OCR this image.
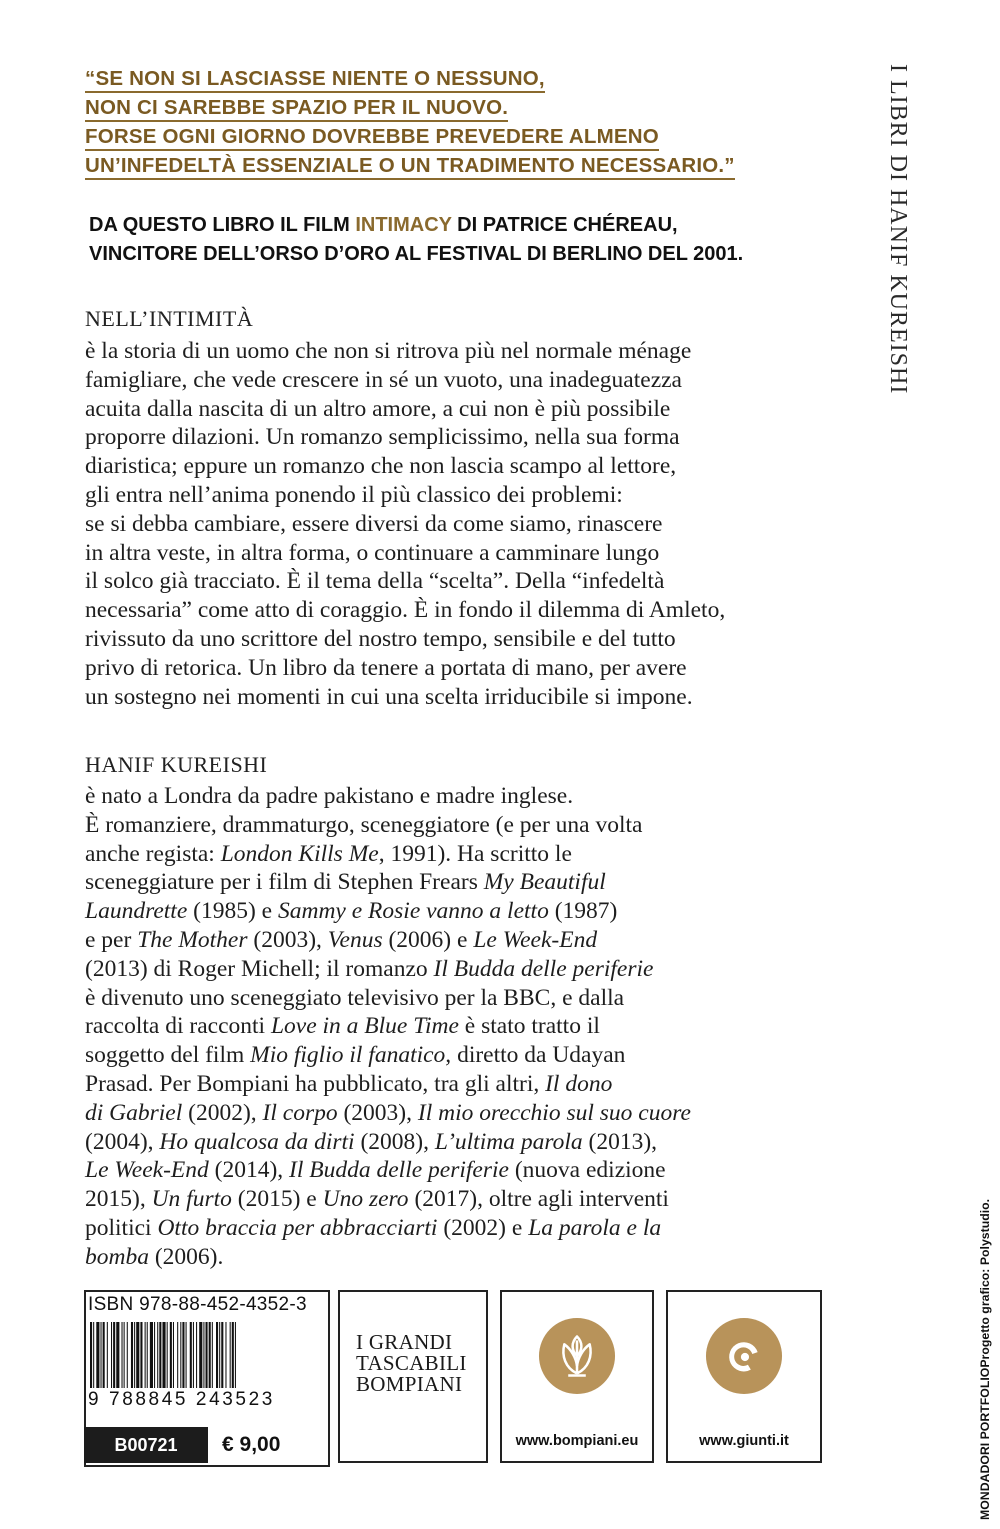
“SE NON SI LASCIASSE NIENTE O NESSUNO,
NON CI SAREBBE SPAZIO PER IL NUOVO.
FORSE OGNI GIORNO DOVREBBE PREVEDERE ALMENO
UN’INFEDELTÀ ESSENZIALE O UN TRADIMENTO NECESSARIO.”
DA QUESTO LIBRO IL FILM INTIMACY DI PATRICE CHÉREAU,
VINCITORE DELL’ORSO D’ORO AL FESTIVAL DI BERLINO DEL 2001.
NELL’INTIMITÀ
è la storia di un uomo che non si ritrova più nel normale ménage
famigliare, che vede crescere in sé un vuoto, una inadeguatezza
acuita dalla nascita di un altro amore, a cui non è più possibile
proporre dilazioni. Un romanzo semplicissimo, nella sua forma
diaristica; eppure un romanzo che non lascia scampo al lettore,
gli entra nell’anima ponendo il più classico dei problemi:
se si debba cambiare, essere diversi da come siamo, rinascere
in altra veste, in altra forma, o continuare a camminare lungo
il solco già tracciato. È il tema della “scelta”. Della “infedeltà
necessaria” come atto di coraggio. È in fondo il dilemma di Amleto,
rivissuto da uno scrittore del nostro tempo, sensibile e del tutto
privo di retorica. Un libro da tenere a portata di mano, per avere
un sostegno nei momenti in cui una scelta irriducibile si impone.
HANIF KUREISHI
è nato a Londra da padre pakistano e madre inglese.
È romanziere, drammaturgo, sceneggiatore (e per una volta
anche regista: London Kills Me, 1991). Ha scritto le
sceneggiature per i film di Stephen Frears My Beautiful
Laundrette (1985) e Sammy e Rosie vanno a letto (1987)
e per The Mother (2003), Venus (2006) e Le Week-End
(2013) di Roger Michell; il romanzo Il Budda delle periferie
è divenuto uno sceneggiato televisivo per la BBC, e dalla
raccolta di racconti Love in a Blue Time è stato tratto il
soggetto del film Mio figlio il fanatico, diretto da Udayan
Prasad. Per Bompiani ha pubblicato, tra gli altri, Il dono
di Gabriel (2002), Il corpo (2003), Il mio orecchio sul suo cuore
(2004), Ho qualcosa da dirti (2008), L’ultima parola (2013),
Le Week-End (2014), Il Budda delle periferie (nuova edizione
2015), Un furto (2015) e Uno zero (2017), oltre agli interventi
politici Otto braccia per abbracciarti (2002) e La parola e la
bomba (2006).
I LIBRI DI HANIF KUREISHI
MONDADORI PORTFOLIO
Progetto grafico: Polystudio.
ISBN 978-88-452-4352-3
9 788845 243523
B00721	€ 9,00
I GRANDI
TASCABILI
BOMPIANI
www.bompiani.eu	www.giunti.it
